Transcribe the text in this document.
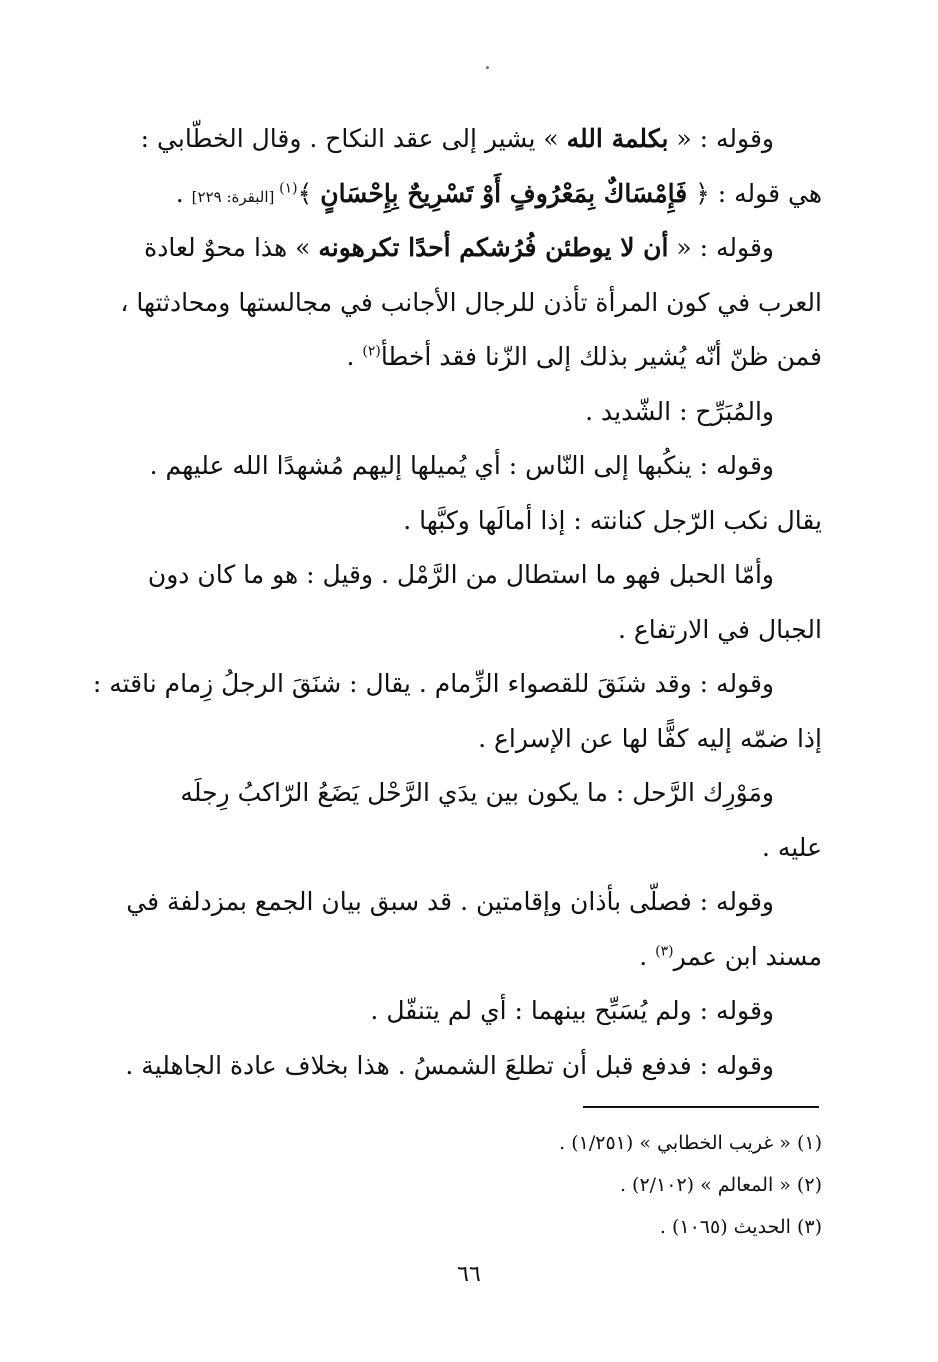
وقوله : « بكلمة الله » يشير إلى عقد النكاح . وقال الخطّابي :
هي قوله : ﴿ فَإِمْسَاكٌ بِمَعْرُوفٍ أَوْ تَسْرِيحٌ بِإِحْسَانٍ ﴾$^{(١)}$ [البقرة: ٢٢٩] .
وقوله : « أن لا يوطئن فُرُشكم أحدًا تكرهونه » هذا محوٌ لعادة
العرب في كون المرأة تأذن للرجال الأجانب في مجالستها ومحادثتها ،
فمن ظنّ أنّه يُشير بذلك إلى الزّنا فقد أخطأ$^{(٢)}$ .
والمُبَرِّح : الشّديد .
وقوله : ينكُبها إلى النّاس : أي يُميلها إليهم مُشهدًا الله عليهم .
يقال نكب الرّجل كنانته : إذا أمالَها وكبَّها .
وأمّا الحبل فهو ما استطال من الرَّمْل . وقيل : هو ما كان دون
الجبال في الارتفاع .
وقوله : وقد شنَقَ للقصواء الزِّمام . يقال : شنَقَ الرجلُ زِمام ناقته :
إذا ضمّه إليه كفًّا لها عن الإسراع .
ومَوْرِك الرَّحل : ما يكون بين يدَي الرَّحْل يَضَعُ الرّاكبُ رِجلَه
عليه .
وقوله : فصلّى بأذان وإقامتين . قد سبق بيان الجمع بمزدلفة في
مسند ابن عمر$^{(٣)}$ .
وقوله : ولم يُسَبِّح بينهما : أي لم يتنفّل .
وقوله : فدفع قبل أن تطلعَ الشمسُ . هذا بخلاف عادة الجاهلية .
(١) « غريب الخطابي » (١/٢٥١) .
(٢) « المعالم » (٢/١٠٢) .
(٣) الحديث (١٠٦٥) .
٦٦
